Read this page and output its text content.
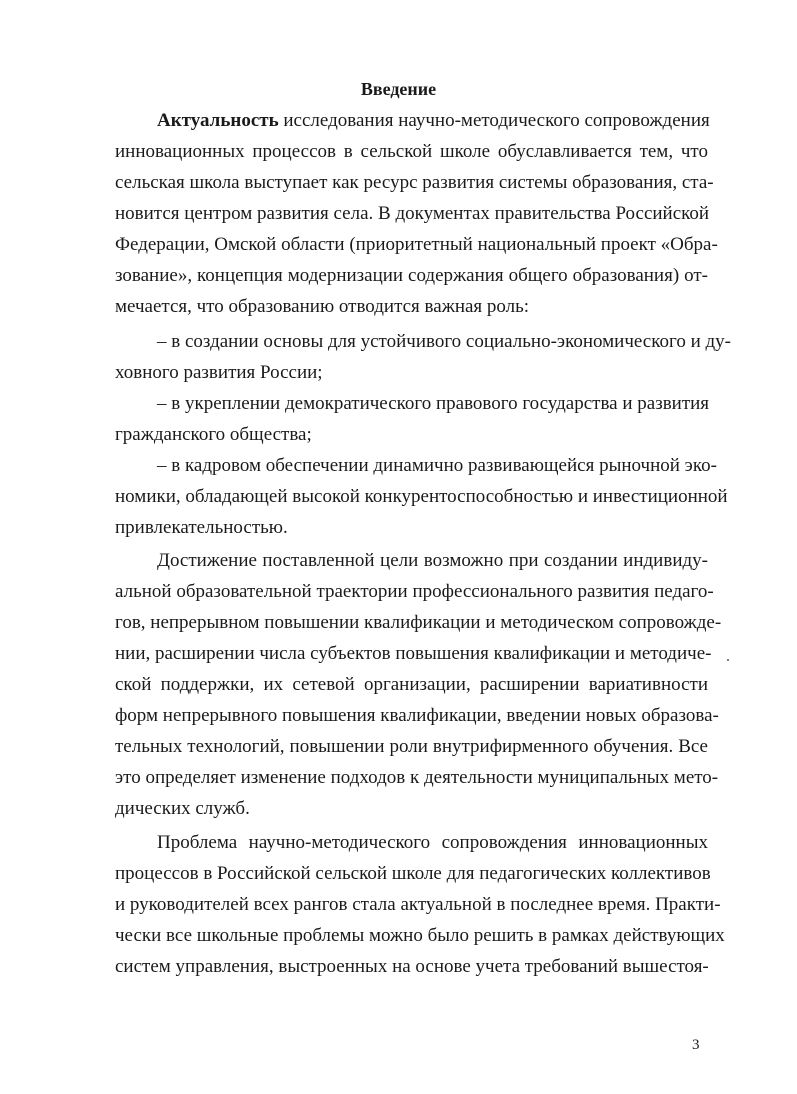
Введение
Актуальность исследования научно-методического сопровождения
инновационных процессов в сельской школе обуславливается тем, что
сельская школа выступает как ресурс развития системы образования, ста-
новится центром развития села. В документах правительства Российской
Федерации, Омской области (приоритетный национальный проект «Обра-
зование», концепция модернизации содержания общего образования) от-
мечается, что образованию отводится важная роль:
– в создании основы для устойчивого социально-экономического и ду-
ховного развития России;
– в укреплении демократического правового государства и развития
гражданского общества;
– в кадровом обеспечении динамично развивающейся рыночной эко-
номики, обладающей высокой конкурентоспособностью и инвестиционной
привлекательностью.
Достижение поставленной цели возможно при создании индивиду-
альной образовательной траектории профессионального развития педаго-
гов, непрерывном повышении квалификации и методическом сопровожде-
нии, расширении числа субъектов повышения квалификации и методиче-
ской поддержки, их сетевой организации, расширении вариативности
форм непрерывного повышения квалификации, введении новых образова-
тельных технологий, повышении роли внутрифирменного обучения. Все
это определяет изменение подходов к деятельности муниципальных мето-
дических служб.
Проблема научно-методического сопровождения инновационных
процессов в Российской сельской школе для педагогических коллективов
и руководителей всех рангов стала актуальной в последнее время. Практи-
чески все школьные проблемы можно было решить в рамках действующих
систем управления, выстроенных на основе учета требований вышестоя-
3
